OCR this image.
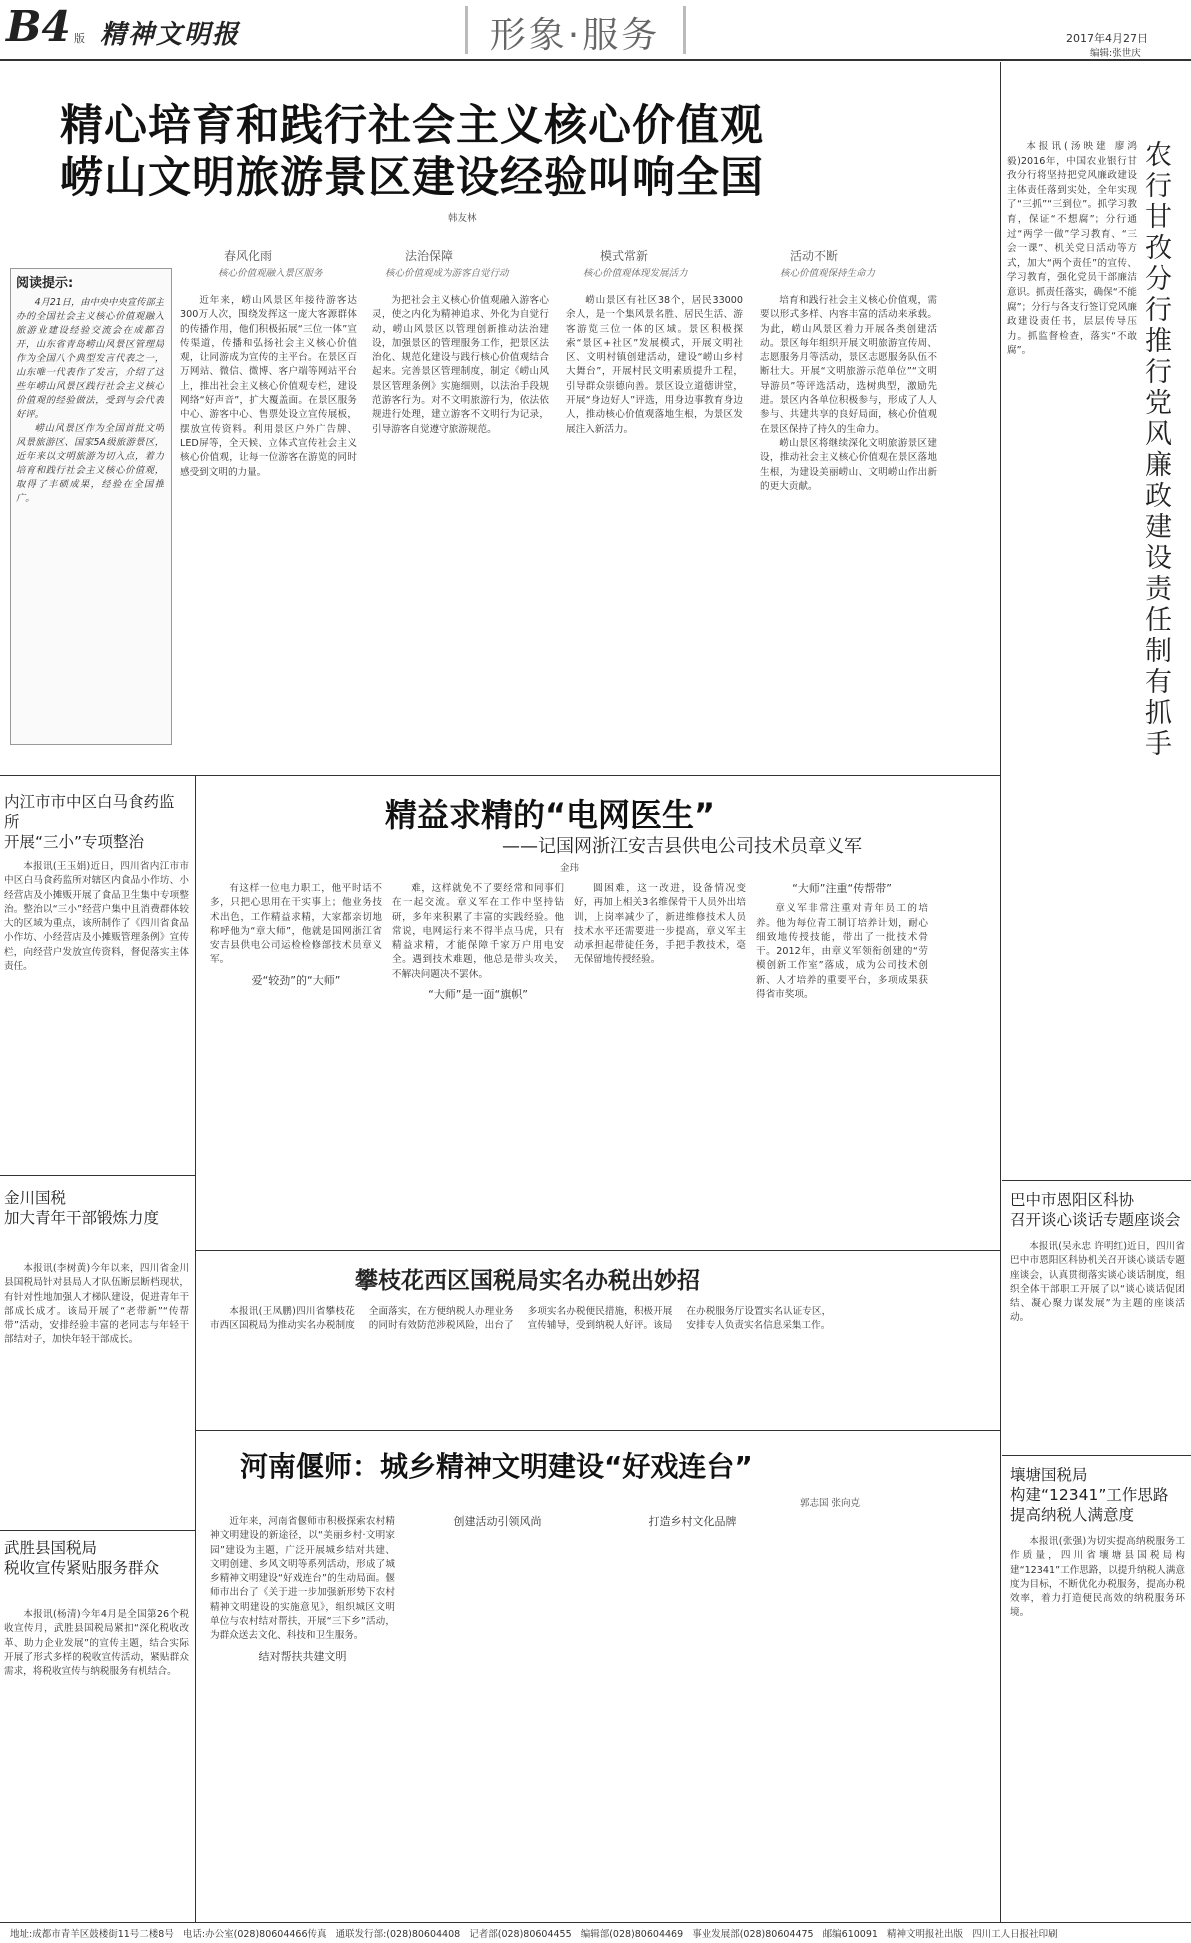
B4 版 精神文明报	形象·服务	2017年4月27日
编辑:张世庆
精心培育和践行社会主义核心价值观
崂山文明旅游景区建设经验叫响全国
韩友林
春风化雨
核心价值观融入景区服务
法治保障
核心价值观成为游客自觉行动
模式常新
核心价值观体现发展活力
活动不断
核心价值观保持生命力
阅读提示:

4月21日，由中央中央宣传部主办的全国社会主义核心价值观融入旅游业建设经验交流会在成都召开，山东省青岛崂山风景区管理局作为全国八个典型发言代表之一，山东唯一代表作了发言，介绍了这些年崂山风景区践行社会主义核心价值观的经验做法，受到与会代表好评。

崂山风景区作为全国首批文明风景旅游区、国家5A级旅游景区，近年来以文明旅游为切入点，着力培育和践行社会主义核心价值观，取得了丰硕成果，经验在全国推广。

近年来，崂山风景区年接待游客达300万人次，围绕发挥这一庞大客源群体的传播作用，他们积极拓展“三位一体”宣传渠道，传播和弘扬社会主义核心价值观，让同游成为宣传的主平台。在景区百万网站、微信、微博、客户端等网站平台上，推出社会主义核心价值观专栏，建设网络“好声音”，扩大覆盖面。在景区服务中心、游客中心、售票处设立宣传展板，摆放宣传资料。利用景区户外广告牌、LED屏等，全天候、立体式宣传社会主义核心价值观，让每一位游客在游览的同时感受到文明的力量。

为把社会主义核心价值观融入游客心灵，使之内化为精神追求、外化为自觉行动，崂山风景区以管理创新推动法治建设，加强景区的管理服务工作，把景区法治化、规范化建设与践行核心价值观结合起来。完善景区管理制度，制定《崂山风景区管理条例》实施细则，以法治手段规范游客行为。对不文明旅游行为，依法依规进行处理，建立游客不文明行为记录，引导游客自觉遵守旅游规范。

崂山景区有社区38个，居民33000余人，是一个集风景名胜、居民生活、游客游览三位一体的区域。景区积极探索“景区+社区”发展模式，开展文明社区、文明村镇创建活动，建设“崂山乡村大舞台”，开展村民文明素质提升工程，引导群众崇德向善。景区设立道德讲堂，开展“身边好人”评选，用身边事教育身边人，推动核心价值观落地生根，为景区发展注入新活力。

培育和践行社会主义核心价值观，需要以形式多样、内容丰富的活动来承载。为此，崂山风景区着力开展各类创建活动。景区每年组织开展文明旅游宣传周、志愿服务月等活动，景区志愿服务队伍不断壮大。开展“文明旅游示范单位”“文明导游员”等评选活动，选树典型，激励先进。景区内各单位积极参与，形成了人人参与、共建共享的良好局面，核心价值观在景区保持了持久的生命力。

崂山景区将继续深化文明旅游景区建设，推动社会主义核心价值观在景区落地生根，为建设美丽崂山、文明崂山作出新的更大贡献。

本报讯(汤映建 廖鸿毅)2016年，中国农业银行甘孜分行将坚持把党风廉政建设主体责任落到实处，全年实现了“三抓”“三到位”。抓学习教育，保证“不想腐”；分行通过“两学一做”学习教育、“三会一课”、机关党日活动等方式，加大“两个责任”的宣传、学习教育，强化党员干部廉洁意识。抓责任落实，确保“不能腐”；分行与各支行签订党风廉政建设责任书，层层传导压力。抓监督检查，落实“不敢腐”。

农行甘孜分行推行党风廉政建设责任制有抓手
巴中市恩阳区科协
召开谈心谈话专题座谈会

本报讯(吴永忠 许明红)近日，四川省巴中市恩阳区科协机关召开谈心谈话专题座谈会，认真贯彻落实谈心谈话制度，组织全体干部职工开展了以“谈心谈话促团结、凝心聚力谋发展”为主题的座谈活动。

壤塘国税局
构建“12341”工作思路
提高纳税人满意度

本报讯(张强)为切实提高纳税服务工作质量，四川省壤塘县国税局构建“12341”工作思路，以提升纳税人满意度为目标，不断优化办税服务，提高办税效率，着力打造便民高效的纳税服务环境。

内江市市中区白马食药监所
开展“三小”专项整治

本报讯(王玉娟)近日，四川省内江市市中区白马食药监所对辖区内食品小作坊、小经营店及小摊贩开展了食品卫生集中专项整治。整治以“三小”经营户集中且消费群体较大的区域为重点，该所制作了《四川省食品小作坊、小经营店及小摊贩管理条例》宣传栏，向经营户发放宣传资料，督促落实主体责任。

金川国税
加大青年干部锻炼力度

本报讯(李树黄)今年以来，四川省金川县国税局针对县局人才队伍断层断档现状，有针对性地加强人才梯队建设，促进青年干部成长成才。该局开展了“老带新”“传帮带”活动，安排经验丰富的老同志与年轻干部结对子，加快年轻干部成长。

武胜县国税局
税收宣传紧贴服务群众

本报讯(杨清)今年4月是全国第26个税收宣传月，武胜县国税局紧扣“深化税收改革、助力企业发展”的宣传主题，结合实际开展了形式多样的税收宣传活动，紧贴群众需求，将税收宣传与纳税服务有机结合。

精益求精的“电网医生”
——记国网浙江安吉县供电公司技术员章义军
金玮

有这样一位电力职工，他平时话不多，只把心思用在干实事上；他业务技术出色，工作精益求精，大家都亲切地称呼他为“章大师”，他就是国网浙江省安吉县供电公司运检检修部技术员章义军。

爱“较劲”的“大师”

难，这样就免不了要经常和同事们在一起交流。章义军在工作中坚持钻研，多年来积累了丰富的实践经验。他常说，电网运行来不得半点马虎，只有精益求精，才能保障千家万户用电安全。遇到技术难题，他总是带头攻关，不解决问题决不罢休。

“大师”是一面“旗帜”

圆困难，这一改进，设备情况变好，再加上相关3名维保骨干人员外出培训，上岗率减少了，新进维修技术人员技术水平还需要进一步提高，章义军主动承担起带徒任务，手把手教技术，毫无保留地传授经验。

“大师”注重“传帮带”

章义军非常注重对青年员工的培养。他为每位青工制订培养计划，耐心细致地传授技能，带出了一批技术骨干。2012年，由章义军领衔创建的“劳模创新工作室”落成，成为公司技术创新、人才培养的重要平台，多项成果获得省市奖项。

攀枝花西区国税局实名办税出妙招

本报讯(王凤鹏)四川省攀枝花市西区国税局为推动实名办税制度全面落实，在方便纳税人办理业务的同时有效防范涉税风险，出台了多项实名办税便民措施，积极开展宣传辅导，受到纳税人好评。该局在办税服务厅设置实名认证专区，安排专人负责实名信息采集工作。

河南偃师：城乡精神文明建设“好戏连台”
郭志国 张向克

近年来，河南省偃师市积极探索农村精神文明建设的新途径，以“美丽乡村·文明家园”建设为主题，广泛开展城乡结对共建、文明创建、乡风文明等系列活动，形成了城乡精神文明建设“好戏连台”的生动局面。偃师市出台了《关于进一步加强新形势下农村精神文明建设的实施意见》，组织城区文明单位与农村结对帮扶，开展“三下乡”活动，为群众送去文化、科技和卫生服务。

结对帮扶共建文明
创建活动引领风尚	打造乡村文化品牌
地址:成都市青羊区鼓楼街11号二楼8号 电话:办公室(028)80604466传真 通联发行部:(028)80604408 记者部(028)80604455 编辑部(028)80604469 事业发展部(028)80604475 邮编610091 精神文明报社出版 四川工人日报社印刷
